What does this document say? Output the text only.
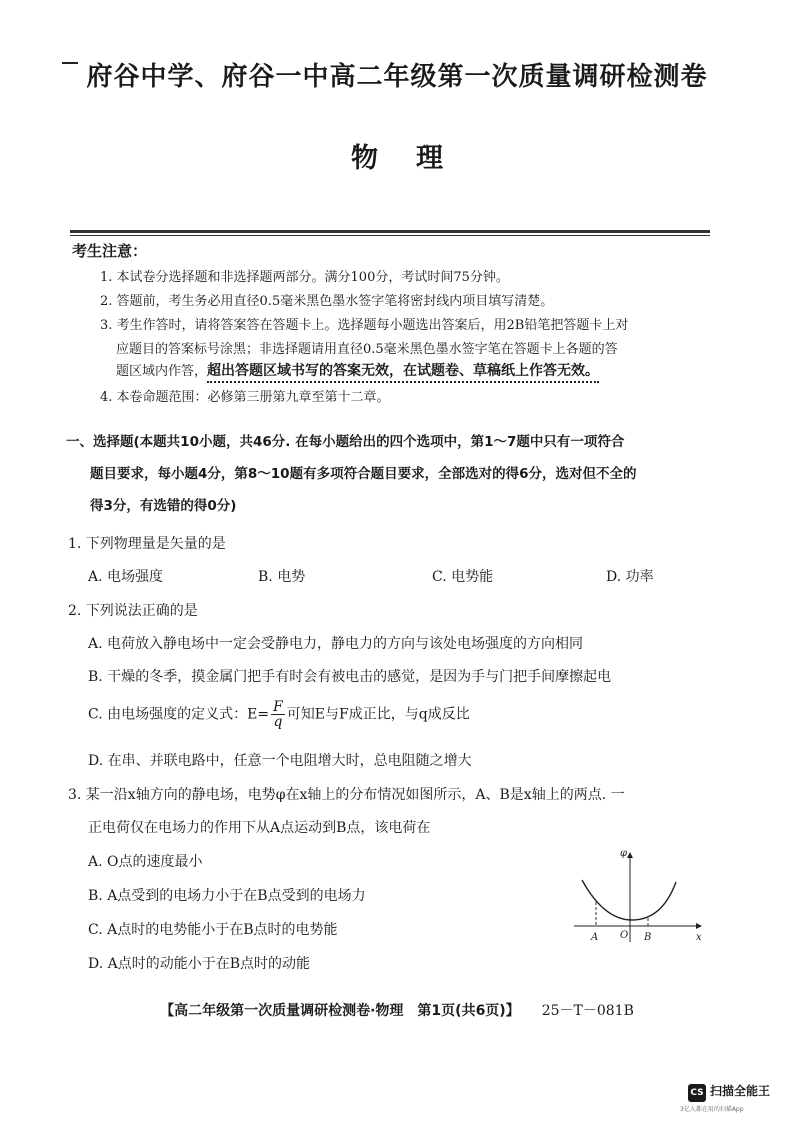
府谷中学、府谷一中高二年级第一次质量调研检测卷
物理
考生注意：
1. 本试卷分选择题和非选择题两部分。满分100分，考试时间75分钟。
2. 答题前，考生务必用直径0.5毫米黑色墨水签字笔将密封线内项目填写清楚。
3. 考生作答时，请将答案答在答题卡上。选择题每小题选出答案后，用2B铅笔把答题卡上对
应题目的答案标号涂黑；非选择题请用直径0.5毫米黑色墨水签字笔在答题卡上各题的答
题区域内作答，超出答题区域书写的答案无效，在试题卷、草稿纸上作答无效。
4. 本卷命题范围：必修第三册第九章至第十二章。
一、选择题(本题共10小题，共46分. 在每小题给出的四个选项中，第1～7题中只有一项符合
题目要求，每小题4分，第8～10题有多项符合题目要求，全部选对的得6分，选对但不全的
得3分，有选错的得0分)
1. 下列物理量是矢量的是
A. 电场强度	B. 电势	C. 电势能	D. 功率
2. 下列说法正确的是
A. 电荷放入静电场中一定会受静电力，静电力的方向与该处电场强度的方向相同
B. 干燥的冬季，摸金属门把手有时会有被电击的感觉，是因为手与门把手间摩擦起电
C. 由电场强度的定义式：$E= \frac{F}{q}$ 可知E与F成正比，与q成反比
D. 在串、并联电路中，任意一个电阻增大时，总电阻随之增大
3. 某一沿x轴方向的静电场，电势φ在x轴上的分布情况如图所示，A、B是x轴上的两点. 一
正电荷仅在电场力的作用下从A点运动到B点，该电荷在
A. O点的速度最小
B. A点受到的电场力小于在B点受到的电场力
C. A点时的电势能小于在B点时的电势能
D. A点时的动能小于在B点时的动能
φ
x
O
A	B
【高二年级第一次质量调研检测卷·物理　第1页(共6页)】 25－T－081B
CS 扫描全能王
3亿人都在用的扫描App
